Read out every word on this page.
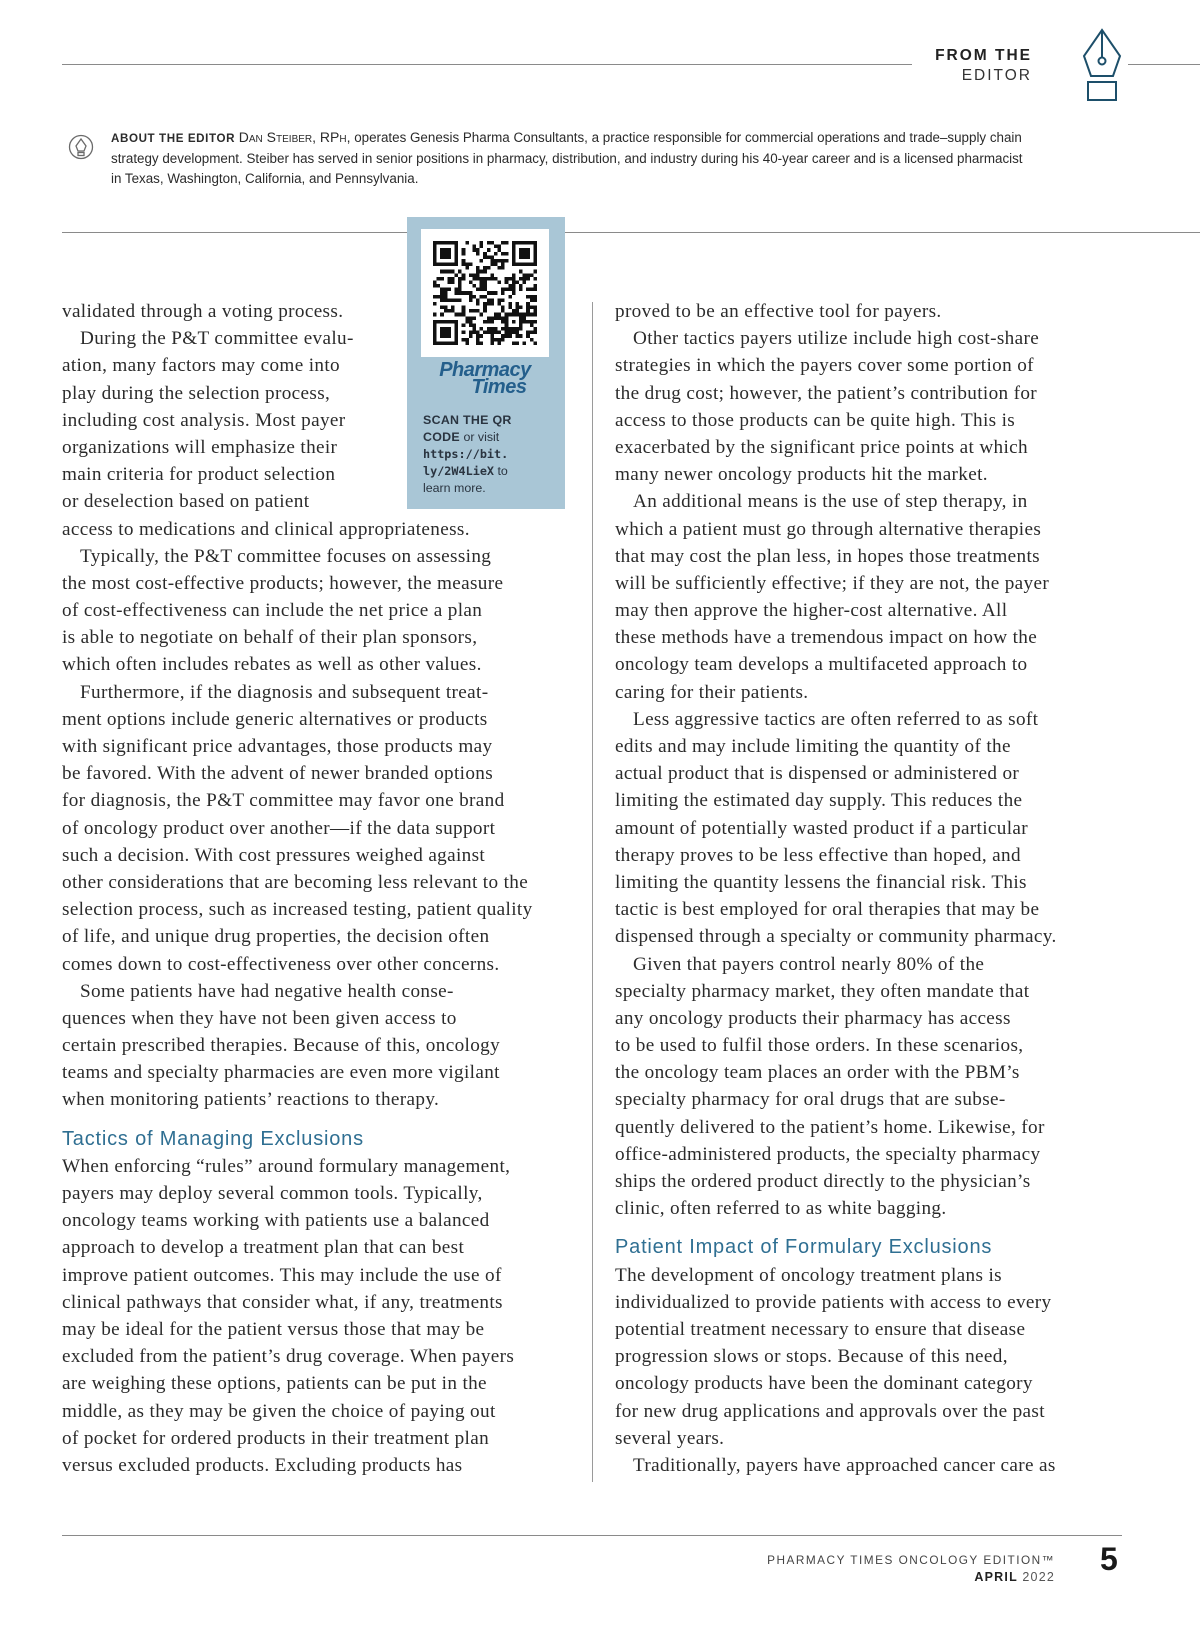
FROM THE
EDITOR
ABOUT THE EDITOR Dan Steiber, RPh, operates Genesis Pharma Consultants, a practice responsible for commercial operations and trade–supply chain
strategy development. Steiber has served in senior positions in pharmacy, distribution, and industry during his 40-year career and is a licensed pharmacist
in Texas, Washington, California, and Pennsylvania.
Pharmacy
Times
SCAN THE QR
CODE or visit
https://bit.
ly/2W4LieX to
learn more.
validated through a voting process.
During the P&T committee evalu-
ation, many factors may come into
play during the selection process,
including cost analysis. Most payer
organizations will emphasize their
main criteria for product selection
or deselection based on patient
access to medications and clinical appropriateness.
Typically, the P&T committee focuses on assessing
the most cost-effective products; however, the measure
of cost-effectiveness can include the net price a plan
is able to negotiate on behalf of their plan sponsors,
which often includes rebates as well as other values.
Furthermore, if the diagnosis and subsequent treat-
ment options include generic alternatives or products
with significant price advantages, those products may
be favored. With the advent of newer branded options
for diagnosis, the P&T committee may favor one brand
of oncology product over another—if the data support
such a decision. With cost pressures weighed against
other considerations that are becoming less relevant to the
selection process, such as increased testing, patient quality
of life, and unique drug properties, the decision often
comes down to cost-effectiveness over other concerns.
Some patients have had negative health conse-
quences when they have not been given access to
certain prescribed therapies. Because of this, oncology
teams and specialty pharmacies are even more vigilant
when monitoring patients’ reactions to therapy.
Tactics of Managing Exclusions
When enforcing “rules” around formulary management,
payers may deploy several common tools. Typically,
oncology teams working with patients use a balanced
approach to develop a treatment plan that can best
improve patient outcomes. This may include the use of
clinical pathways that consider what, if any, treatments
may be ideal for the patient versus those that may be
excluded from the patient’s drug coverage. When payers
are weighing these options, patients can be put in the
middle, as they may be given the choice of paying out
of pocket for ordered products in their treatment plan
versus excluded products. Excluding products has
proved to be an effective tool for payers.
Other tactics payers utilize include high cost-share
strategies in which the payers cover some portion of
the drug cost; however, the patient’s contribution for
access to those products can be quite high. This is
exacerbated by the significant price points at which
many newer oncology products hit the market.
An additional means is the use of step therapy, in
which a patient must go through alternative therapies
that may cost the plan less, in hopes those treatments
will be sufficiently effective; if they are not, the payer
may then approve the higher-cost alternative. All
these methods have a tremendous impact on how the
oncology team develops a multifaceted approach to
caring for their patients.
Less aggressive tactics are often referred to as soft
edits and may include limiting the quantity of the
actual product that is dispensed or administered or
limiting the estimated day supply. This reduces the
amount of potentially wasted product if a particular
therapy proves to be less effective than hoped, and
limiting the quantity lessens the financial risk. This
tactic is best employed for oral therapies that may be
dispensed through a specialty or community pharmacy.
Given that payers control nearly 80% of the
specialty pharmacy market, they often mandate that
any oncology products their pharmacy has access
to be used to fulfil those orders. In these scenarios,
the oncology team places an order with the PBM’s
specialty pharmacy for oral drugs that are subse-
quently delivered to the patient’s home. Likewise, for
office-administered products, the specialty pharmacy
ships the ordered product directly to the physician’s
clinic, often referred to as white bagging.
Patient Impact of Formulary Exclusions
The development of oncology treatment plans is
individualized to provide patients with access to every
potential treatment necessary to ensure that disease
progression slows or stops. Because of this need,
oncology products have been the dominant category
for new drug applications and approvals over the past
several years.
Traditionally, payers have approached cancer care as
PHARMACY TIMES ONCOLOGY EDITION™
APRIL 2022 5
